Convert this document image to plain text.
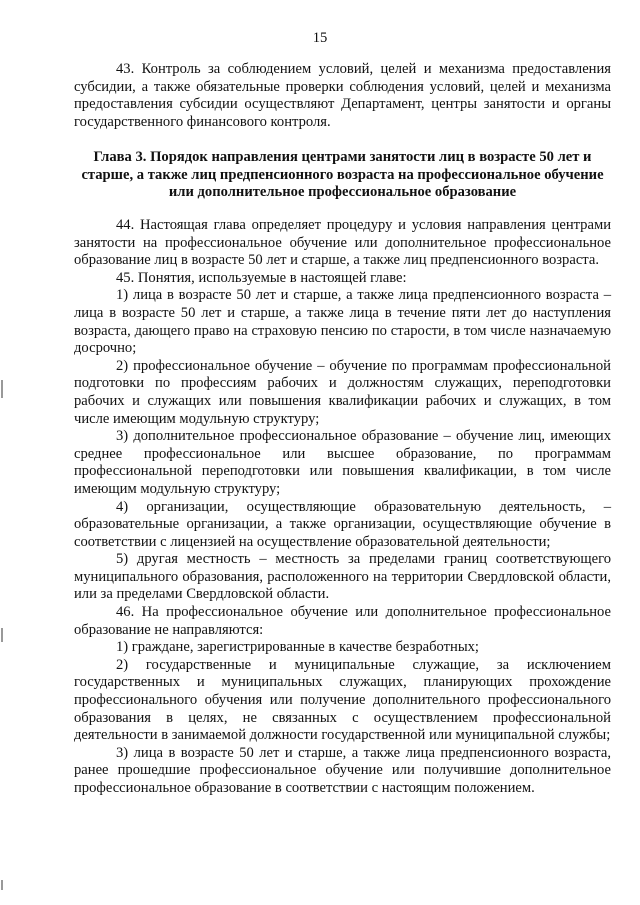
15

43. Контроль за соблюдением условий, целей и механизма предоставления субсидии, а также обязательные проверки соблюдения условий, целей и механизма предоставления субсидии осуществляют Департамент, центры занятости и органы государственного финансового контроля.

Глава 3. Порядок направления центрами занятости лиц в возрасте 50 лет и старше, а также лиц предпенсионного возраста на профессиональное обучение или дополнительное профессиональное образование

44. Настоящая глава определяет процедуру и условия направления центрами занятости на профессиональное обучение или дополнительное профессиональное образование лиц в возрасте 50 лет и старше, а также лиц предпенсионного возраста.

45. Понятия, используемые в настоящей главе:

1) лица в возрасте 50 лет и старше, а также лица предпенсионного возраста – лица в возрасте 50 лет и старше, а также лица в течение пяти лет до наступления возраста, дающего право на страховую пенсию по старости, в том числе назначаемую досрочно;

2) профессиональное обучение – обучение по программам профессиональной подготовки по профессиям рабочих и должностям служащих, переподготовки рабочих и служащих или повышения квалификации рабочих и служащих, в том числе имеющим модульную структуру;

3) дополнительное профессиональное образование – обучение лиц, имеющих среднее профессиональное или высшее образование, по программам профессиональной переподготовки или повышения квалификации, в том числе имеющим модульную структуру;

4) организации, осуществляющие образовательную деятельность, – образовательные организации, а также организации, осуществляющие обучение в соответствии с лицензией на осуществление образовательной деятельности;

5) другая местность – местность за пределами границ соответствующего муниципального образования, расположенного на территории Свердловской области, или за пределами Свердловской области.

46. На профессиональное обучение или дополнительное профессиональное образование не направляются:

1) граждане, зарегистрированные в качестве безработных;

2) государственные и муниципальные служащие, за исключением государственных и муниципальных служащих, планирующих прохождение профессионального обучения или получение дополнительного профессионального образования в целях, не связанных с осуществлением профессиональной деятельности в занимаемой должности государственной или муниципальной службы;

3) лица в возрасте 50 лет и старше, а также лица предпенсионного возраста, ранее прошедшие профессиональное обучение или получившие дополнительное профессиональное образование в соответствии с настоящим положением.
